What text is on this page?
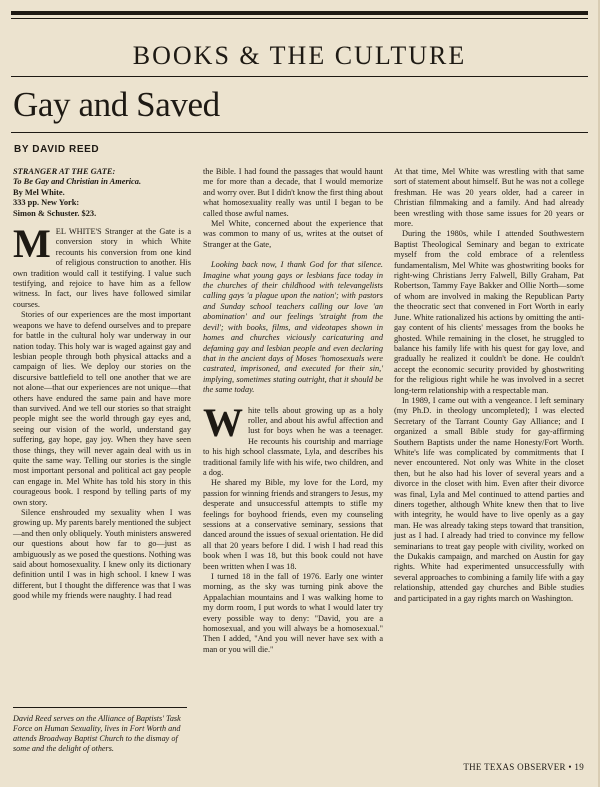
BOOKS & THE CULTURE
Gay and Saved
BY DAVID REED
STRANGER AT THE GATE:
To Be Gay and Christian in America.
By Mel White.
333 pp. New York:
Simon & Schuster. $23.

MEL WHITE'S Stranger at the Gate is a conversion story in which White recounts his conversion from one kind of religious construction to another. His own tradition would call it testifying. I value such testifying, and rejoice to have him as a fellow witness. In fact, our lives have followed similar courses.

Stories of our experiences are the most important weapons we have to defend ourselves and to prepare for battle in the cultural holy war underway in our nation today. This holy war is waged against gay and lesbian people through both physical attacks and a campaign of lies. We deploy our stories on the discursive battlefield to tell one another that we are not alone—that our experiences are not unique—that others have endured the same pain and have more than survived. And we tell our stories so that straight people might see the world through gay eyes and, seeing our vision of the world, understand gay suffering, gay hope, gay joy. When they have seen those things, they will never again deal with us in quite the same way. Telling our stories is the single most important personal and political act gay people can engage in. Mel White has told his story in this courageous book. I respond by telling parts of my own story.

Silence enshrouded my sexuality when I was growing up. My parents barely mentioned the subject—and then only obliquely. Youth ministers answered our questions about how far to go—just as ambiguously as we posed the questions. Nothing was said about homosexuality. I knew only its dictionary definition until I was in high school. I knew I was different, but I thought the difference was that I was good while my friends were naughty. I had read

David Reed serves on the Alliance of Baptists' Task Force on Human Sexuality, lives in Fort Worth and attends Broadway Baptist Church to the dismay of some and the delight of others.

the Bible. I had found the passages that would haunt me for more than a decade, that I would memorize and worry over. But I didn't know the first thing about what homosexuality really was until I began to be called those awful names.

Mel White, concerned about the experience that was common to many of us, writes at the outset of Stranger at the Gate,

Looking back now, I thank God for that silence. Imagine what young gays or lesbians face today in the churches of their childhood with televangelists calling gays 'a plague upon the nation'; with pastors and Sunday school teachers calling our love 'an abomination' and our feelings 'straight from the devil'; with books, films, and videotapes shown in homes and churches viciously caricaturing and defaming gay and lesbian people and even declaring that in the ancient days of Moses 'homosexuals were castrated, imprisoned, and executed for their sin,' implying, sometimes stating outright, that it should be the same today.

White tells about growing up as a holy roller, and about his awful affection and lust for boys when he was a teenager. He recounts his courtship and marriage to his high school classmate, Lyla, and describes his traditional family life with his wife, two children, and a dog.

He shared my Bible, my love for the Lord, my passion for winning friends and strangers to Jesus, my desperate and unsuccessful attempts to stifle my feelings for boyhood friends, even my counseling sessions at a conservative seminary, sessions that danced around the issues of sexual orientation. He did all that 20 years before I did. I wish I had read this book when I was 18, but this book could not have been written when I was 18.

I turned 18 in the fall of 1976. Early one winter morning, as the sky was turning pink above the Appalachian mountains and I was walking home to my dorm room, I put words to what I would later try every possible way to deny: "David, you are a homosexual, and you will always be a homosexual." Then I added, "And you will never have sex with a man or you will die."

At that time, Mel White was wrestling with that same sort of statement about himself. But he was not a college freshman. He was 20 years older, had a career in Christian filmmaking and a family. And had already been wrestling with those same issues for 20 years or more.

During the 1980s, while I attended Southwestern Baptist Theological Seminary and began to extricate myself from the cold embrace of a relentless fundamentalism, Mel White was ghostwriting books for right-wing Christians Jerry Falwell, Billy Graham, Pat Robertson, Tammy Faye Bakker and Ollie North—some of whom are involved in making the Republican Party the theocratic sect that convened in Fort Worth in early June. White rationalized his actions by omitting the anti-gay content of his clients' messages from the books he ghosted. While remaining in the closet, he struggled to balance his family life with his quest for gay love, and gradually he realized it couldn't be done. He couldn't accept the economic security provided by ghostwriting for the religious right while he was involved in a secret long-term relationship with a respectable man.

In 1989, I came out with a vengeance. I left seminary (my Ph.D. in theology uncompleted); I was elected Secretary of the Tarrant County Gay Alliance; and I organized a small Bible study for gay-affirming Southern Baptists under the name Honesty/Fort Worth. White's life was complicated by commitments that I never encountered. Not only was White in the closet then, but he also had his lover of several years and a divorce in the closet with him. Even after their divorce was final, Lyla and Mel continued to attend parties and diners together, although White knew then that to live with integrity, he would have to live openly as a gay man. He was already taking steps toward that transition, just as I had. I already had tried to convince my fellow seminarians to treat gay people with civility, worked on the Dukakis campaign, and marched on Austin for gay rights. White had experimented unsuccessfully with several approaches to combining a family life with a gay relationship, attended gay churches and Bible studies and participated in a gay rights march on Washington.

THE TEXAS OBSERVER • 19
